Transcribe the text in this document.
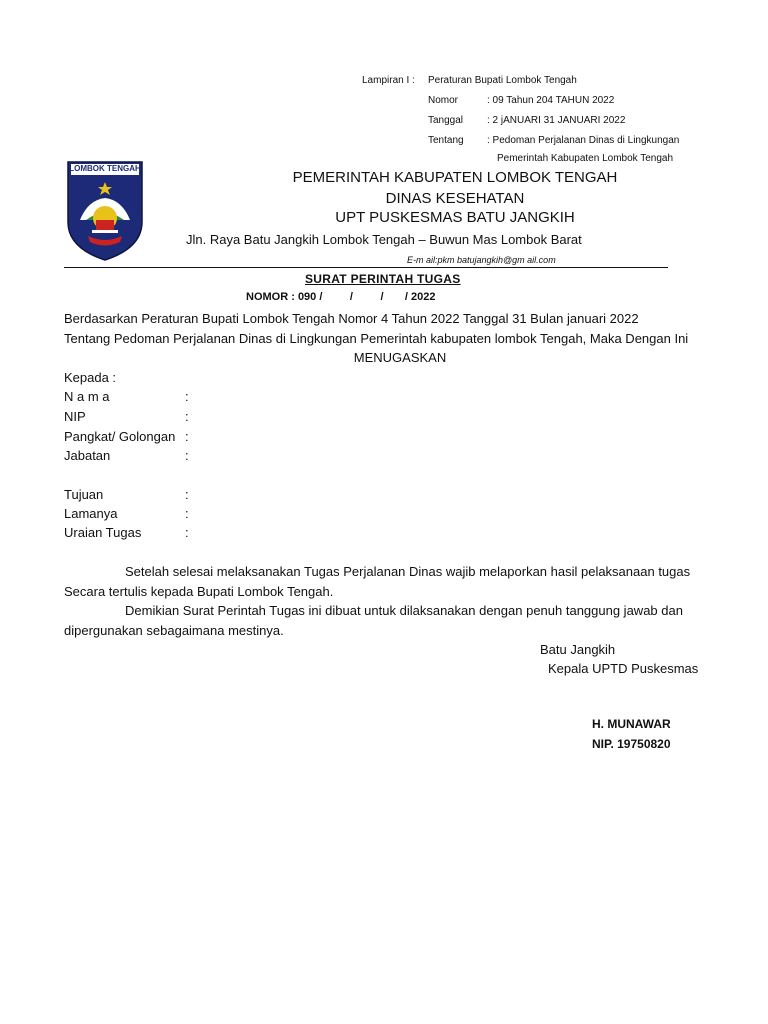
LOMBOK TENGAH
Lampiran I : Peraturan Bupati Lombok Tengah
Nomor	: 09 Tahun 204 TAHUN 2022
Tanggal : 2 jANUARI 31 JANUARI 2022
Tentang : Pedoman Perjalanan Dinas di Lingkungan
Pemerintah Kabupaten Lombok Tengah
PEMERINTAH KABUPATEN LOMBOK TENGAH
DINAS KESEHATAN
UPT PUSKESMAS BATU JANGKIH
Jln. Raya Batu Jangkih Lombok Tengah – Buwun Mas Lombok Barat
E-m ail:pkm batujangkih@gm ail.com
SURAT PERINTAH TUGAS
NOMOR : 090 /         /         /       / 2022
Berdasarkan Peraturan Bupati Lombok Tengah Nomor 4 Tahun 2022 Tanggal 31 Bulan januari 2022
Tentang Pedoman Perjalanan Dinas di Lingkungan Pemerintah kabupaten lombok Tengah, Maka Dengan Ini
MENUGASKAN
Kepada :
N a m a	:
NIP	:
Pangkat/ Golongan :
Jabatan	:
Tujuan	:
Lamanya	:
Uraian Tugas	:
Setelah selesai melaksanakan Tugas Perjalanan Dinas wajib melaporkan hasil pelaksanaan tugas
Secara tertulis kepada Bupati Lombok Tengah.
Demikian Surat Perintah Tugas ini dibuat untuk dilaksanakan dengan penuh tanggung jawab dan
dipergunakan sebagaimana mestinya.
Batu Jangkih
Kepala UPTD Puskesmas
H. MUNAWAR
NIP. 19750820
